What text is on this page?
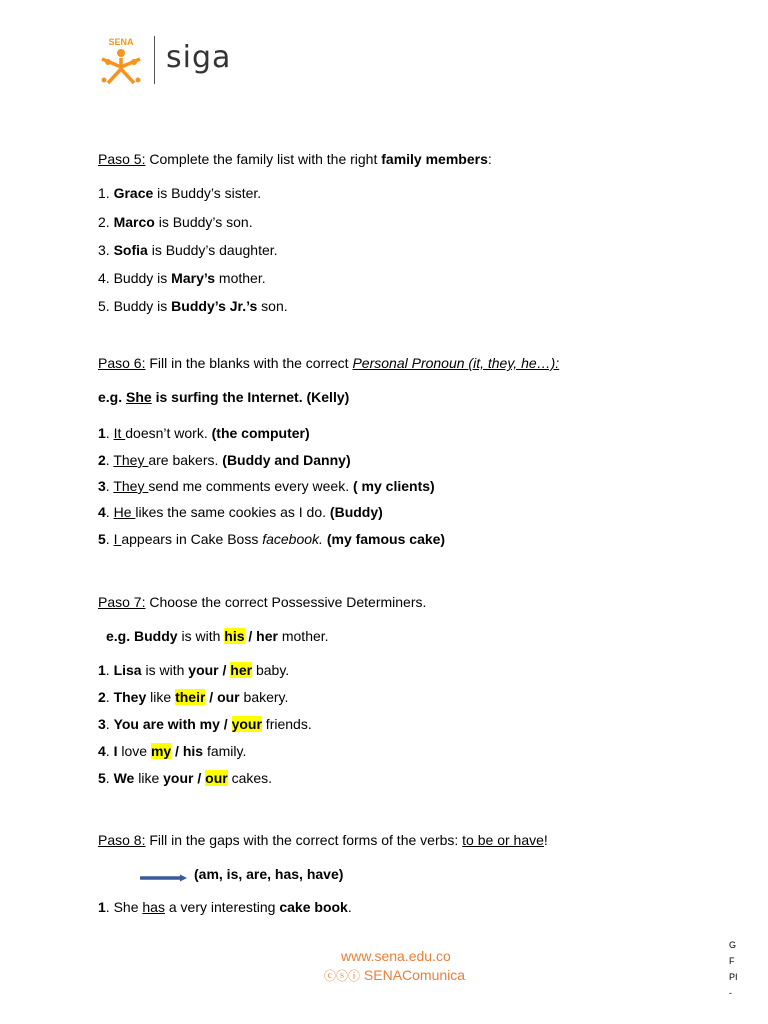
SENA siga
Paso 5: Complete the family list with the right family members:
1. Grace is Buddy’s sister.
2. Marco is Buddy’s son.
3. Sofia is Buddy’s daughter.
4. Buddy is Mary’s mother.
5. Buddy is Buddy’s Jr.’s son.
Paso 6: Fill in the blanks with the correct Personal Pronoun (it, they, he…):
e.g. She is surfing the Internet. (Kelly)
1. It doesn’t work. (the computer)
2. They are bakers. (Buddy and Danny)
3. They send me comments every week. ( my clients)
4. He likes the same cookies as I do. (Buddy)
5. I appears in Cake Boss facebook. (my famous cake)
Paso 7: Choose the correct Possessive Determiners.
e.g. Buddy is with his / her mother.
1. Lisa is with your / her baby.
2. They like their / our bakery.
3. You are with my / your friends.
4. I love my / his family.
5. We like your / our cakes.
Paso 8: Fill in the gaps with the correct forms of the verbs: to be or have!
(am, is, are, has, have)
1. She has a very interesting cake book.
www.sena.edu.co
ⓒⓢⓘ SENAComunica
G
F
PI
-
